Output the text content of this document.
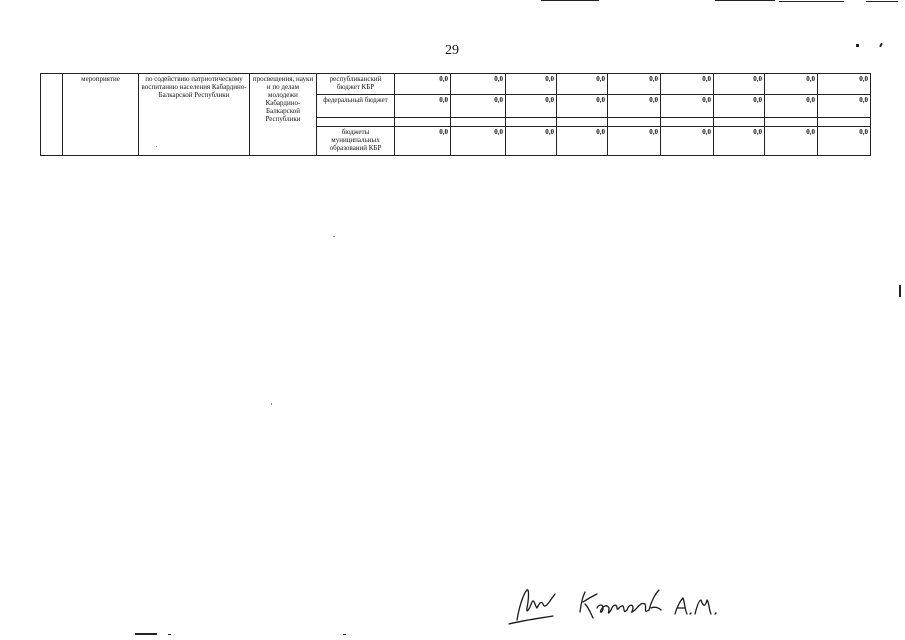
29
	мероприятие	по содействию патриотическому воспитанию населения Кабардино-Балкарской Республики	просвещения, науки и по делам молодежи Кабардино-Балкарской Республики	республиканский бюджет КБР	0,0	0,0	0,0	0,0	0,0	0,0	0,0	0,0	0,0
				федеральный бюджет	0,0	0,0	0,0	0,0	0,0	0,0	0,0	0,0	0,0

				бюджеты муниципальных образований КБР	0,0	0,0	0,0	0,0	0,0	0,0	0,0	0,0	0,0
